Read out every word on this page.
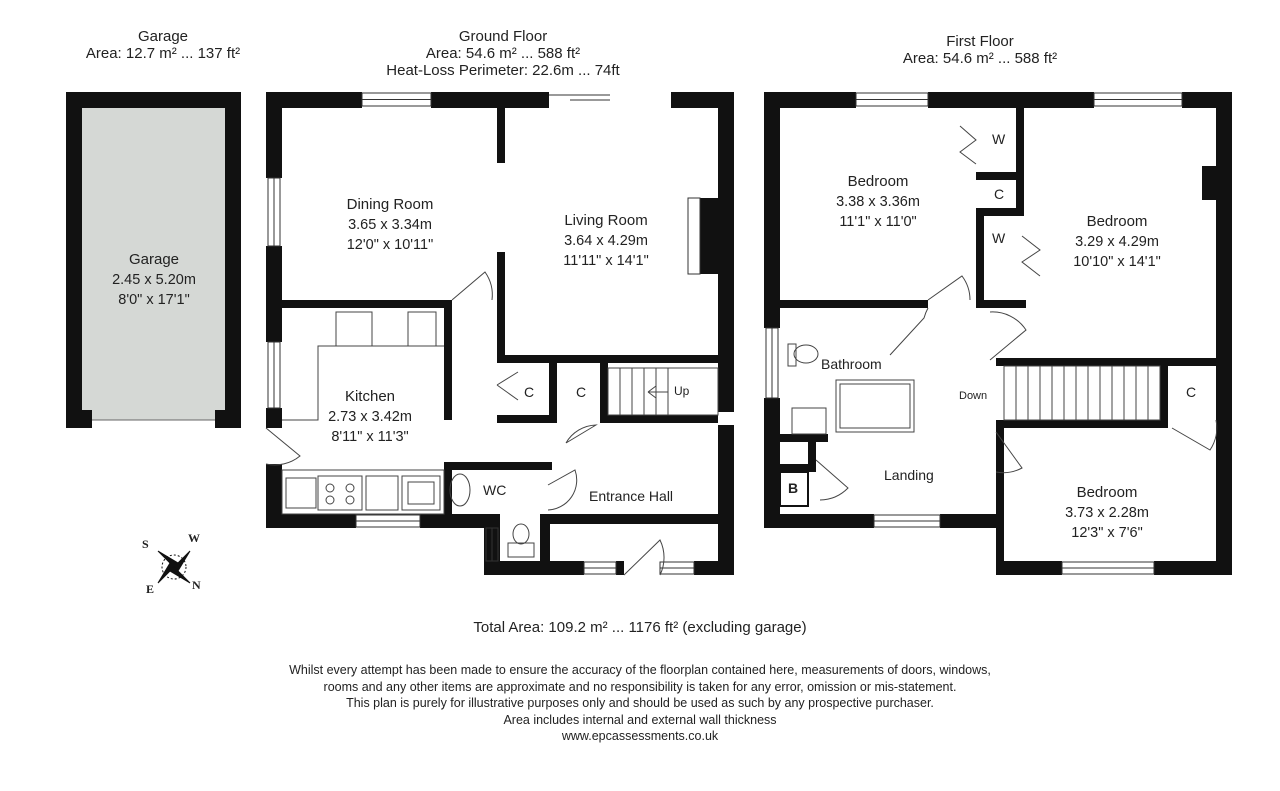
Garage
Area: 12.7 m² ... 137 ft²
Ground Floor
Area: 54.6 m² ... 588 ft²
Heat-Loss Perimeter: 22.6m ... 74ft
First Floor
Area: 54.6 m² ... 588 ft²
Garage
2.45 x 5.20m
8'0" x 17'1"
Dining Room
3.65 x 3.34m
12'0" x 10'11"
Living Room
3.64 x 4.29m
11'11" x 14'1"
Kitchen
2.73 x 3.42m
8'11" x 11'3"
WC	Entrance Hall
Bedroom
3.38 x 3.36m
11'1" x 11'0"	Bedroom
3.29 x 4.29m
10'10" x 14'1"
Bedroom
3.73 x 2.28m
12'3" x 7'6"
Bathroom
Landing
C	C	Up
W
C
W
C
Down
B
S	W
E	N
Total Area: 109.2 m² ... 1176 ft² (excluding garage)
Whilst every attempt has been made to ensure the accuracy of the floorplan contained here, measurements of doors, windows,
rooms and any other items are approximate and no responsibility is taken for any error, omission or mis-statement.
This plan is purely for illustrative purposes only and should be used as such by any prospective purchaser.
Area includes internal and external wall thickness
www.epcassessments.co.uk
